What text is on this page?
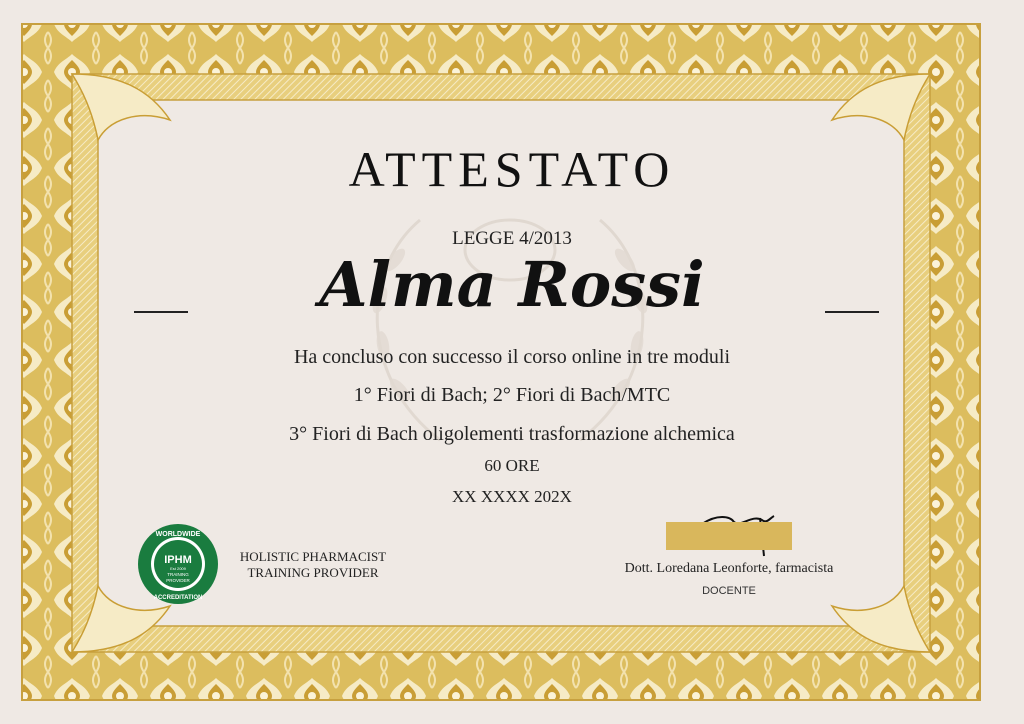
ATTESTATO
LEGGE 4/2013
Alma Rossi
Ha concluso con successo il corso online in tre moduli
1° Fiori di Bach; 2° Fiori di Bach/MTC
3° Fiori di Bach oligolementi trasformazione alchemica
60 ORE
XX XXXX 202X
WORLDWIDE
ACCREDITATION
IPHM
Est 2009
TRAINING
PROVIDER
HOLISTIC PHARMACIST
TRAINING PROVIDER	Dott. Loredana Leonforte, farmacista
DOCENTE
